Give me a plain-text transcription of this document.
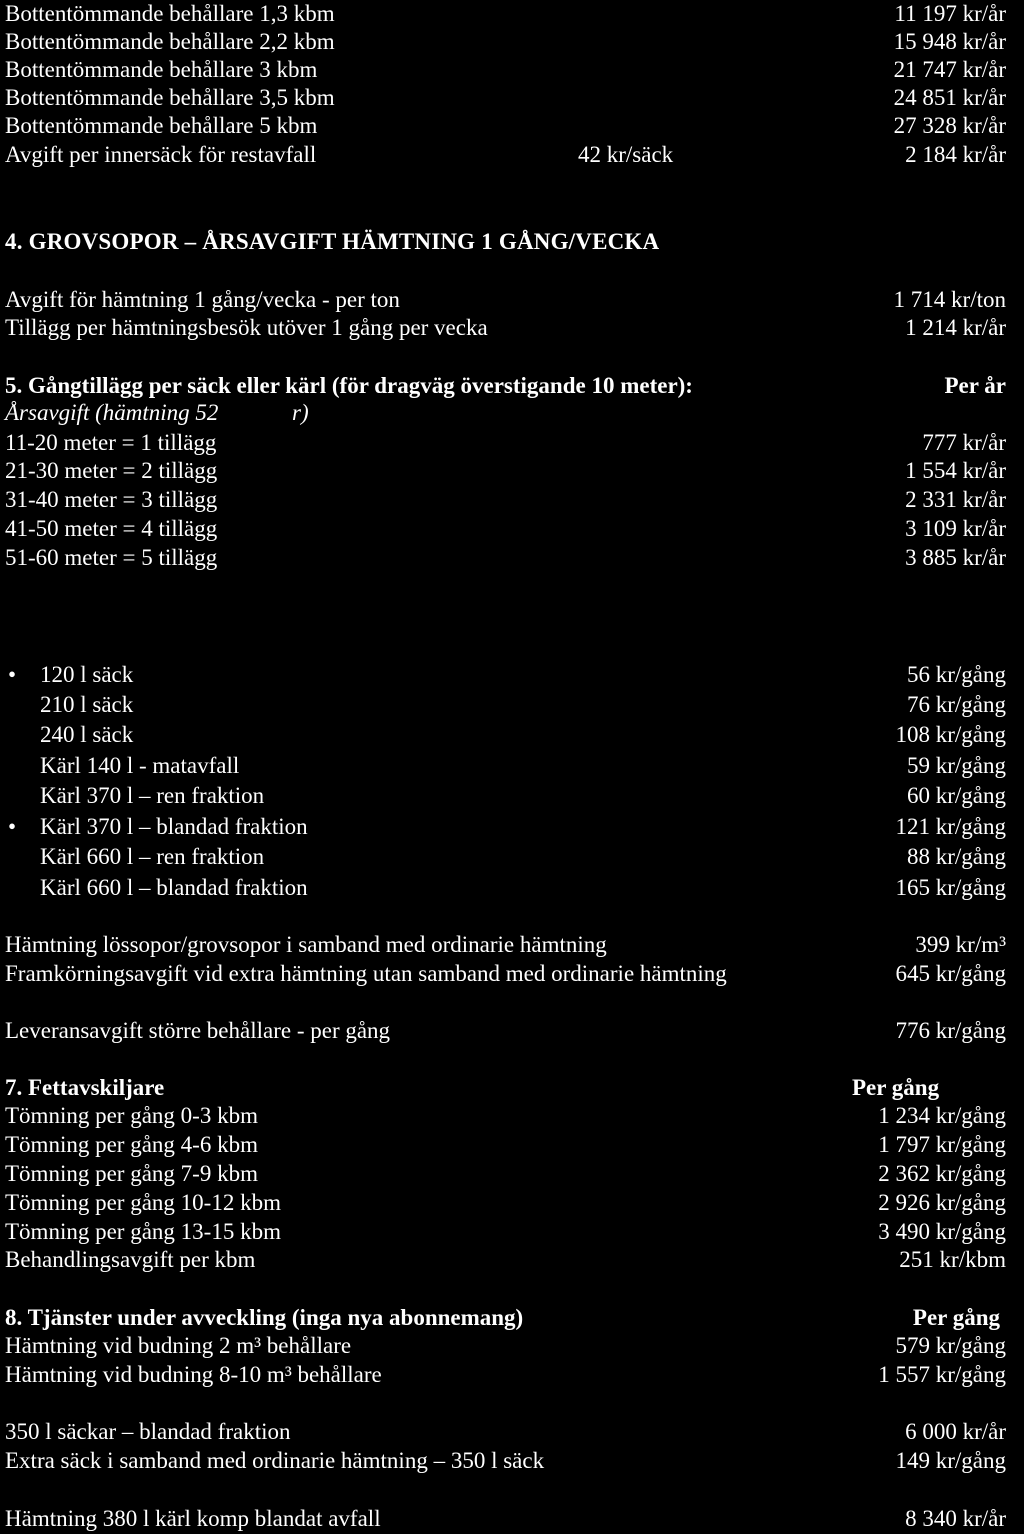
Bottentömmande behållare 1,3 kbm	11 197 kr/år
Bottentömmande behållare 2,2 kbm	15 948 kr/år
Bottentömmande behållare 3 kbm	21 747 kr/år
Bottentömmande behållare 3,5 kbm	24 851 kr/år
Bottentömmande behållare 5 kbm	27 328 kr/år
Avgift per innersäck för restavfall	42 kr/säck	2 184 kr/år
4. GROVSOPOR – ÅRSAVGIFT HÄMTNING 1 GÅNG/VECKA
Avgift för hämtning 1 gång/vecka - per ton	1 714 kr/ton
Tillägg per hämtningsbesök utöver 1 gång per vecka	1 214 kr/år
5. Gångtillägg per säck eller kärl (för dragväg överstigande 10 meter):	Per år
Årsavgift (hämtning 52	r)
11-20 meter = 1 tillägg	777 kr/år
21-30 meter = 2 tillägg	1 554 kr/år
31-40 meter = 3 tillägg	2 331 kr/år
41-50 meter = 4 tillägg	3 109 kr/år
51-60 meter = 5 tillägg	3 885 kr/år
• 120 l säck	56 kr/gång
210 l säck	76 kr/gång
240 l säck	108 kr/gång
Kärl 140 l - matavfall	59 kr/gång
Kärl 370 l – ren fraktion	60 kr/gång
• Kärl 370 l – blandad fraktion	121 kr/gång
Kärl 660 l – ren fraktion	88 kr/gång
Kärl 660 l – blandad fraktion	165 kr/gång
Hämtning lössopor/grovsopor i samband med ordinarie hämtning	399 kr/m³
Framkörningsavgift vid extra hämtning utan samband med ordinarie hämtning	645 kr/gång
Leveransavgift större behållare - per gång	776 kr/gång
7. Fettavskiljare	Per gång
Tömning per gång 0-3 kbm	1 234 kr/gång
Tömning per gång 4-6 kbm	1 797 kr/gång
Tömning per gång 7-9 kbm	2 362 kr/gång
Tömning per gång 10-12 kbm	2 926 kr/gång
Tömning per gång 13-15 kbm	3 490 kr/gång
Behandlingsavgift per kbm	251 kr/kbm
8. Tjänster under avveckling (inga nya abonnemang)	Per gång
Hämtning vid budning 2 m³ behållare	579 kr/gång
Hämtning vid budning 8-10 m³ behållare	1 557 kr/gång
350 l säckar – blandad fraktion	6 000 kr/år
Extra säck i samband med ordinarie hämtning – 350 l säck	149 kr/gång
Hämtning 380 l kärl komp blandat avfall	8 340 kr/år
